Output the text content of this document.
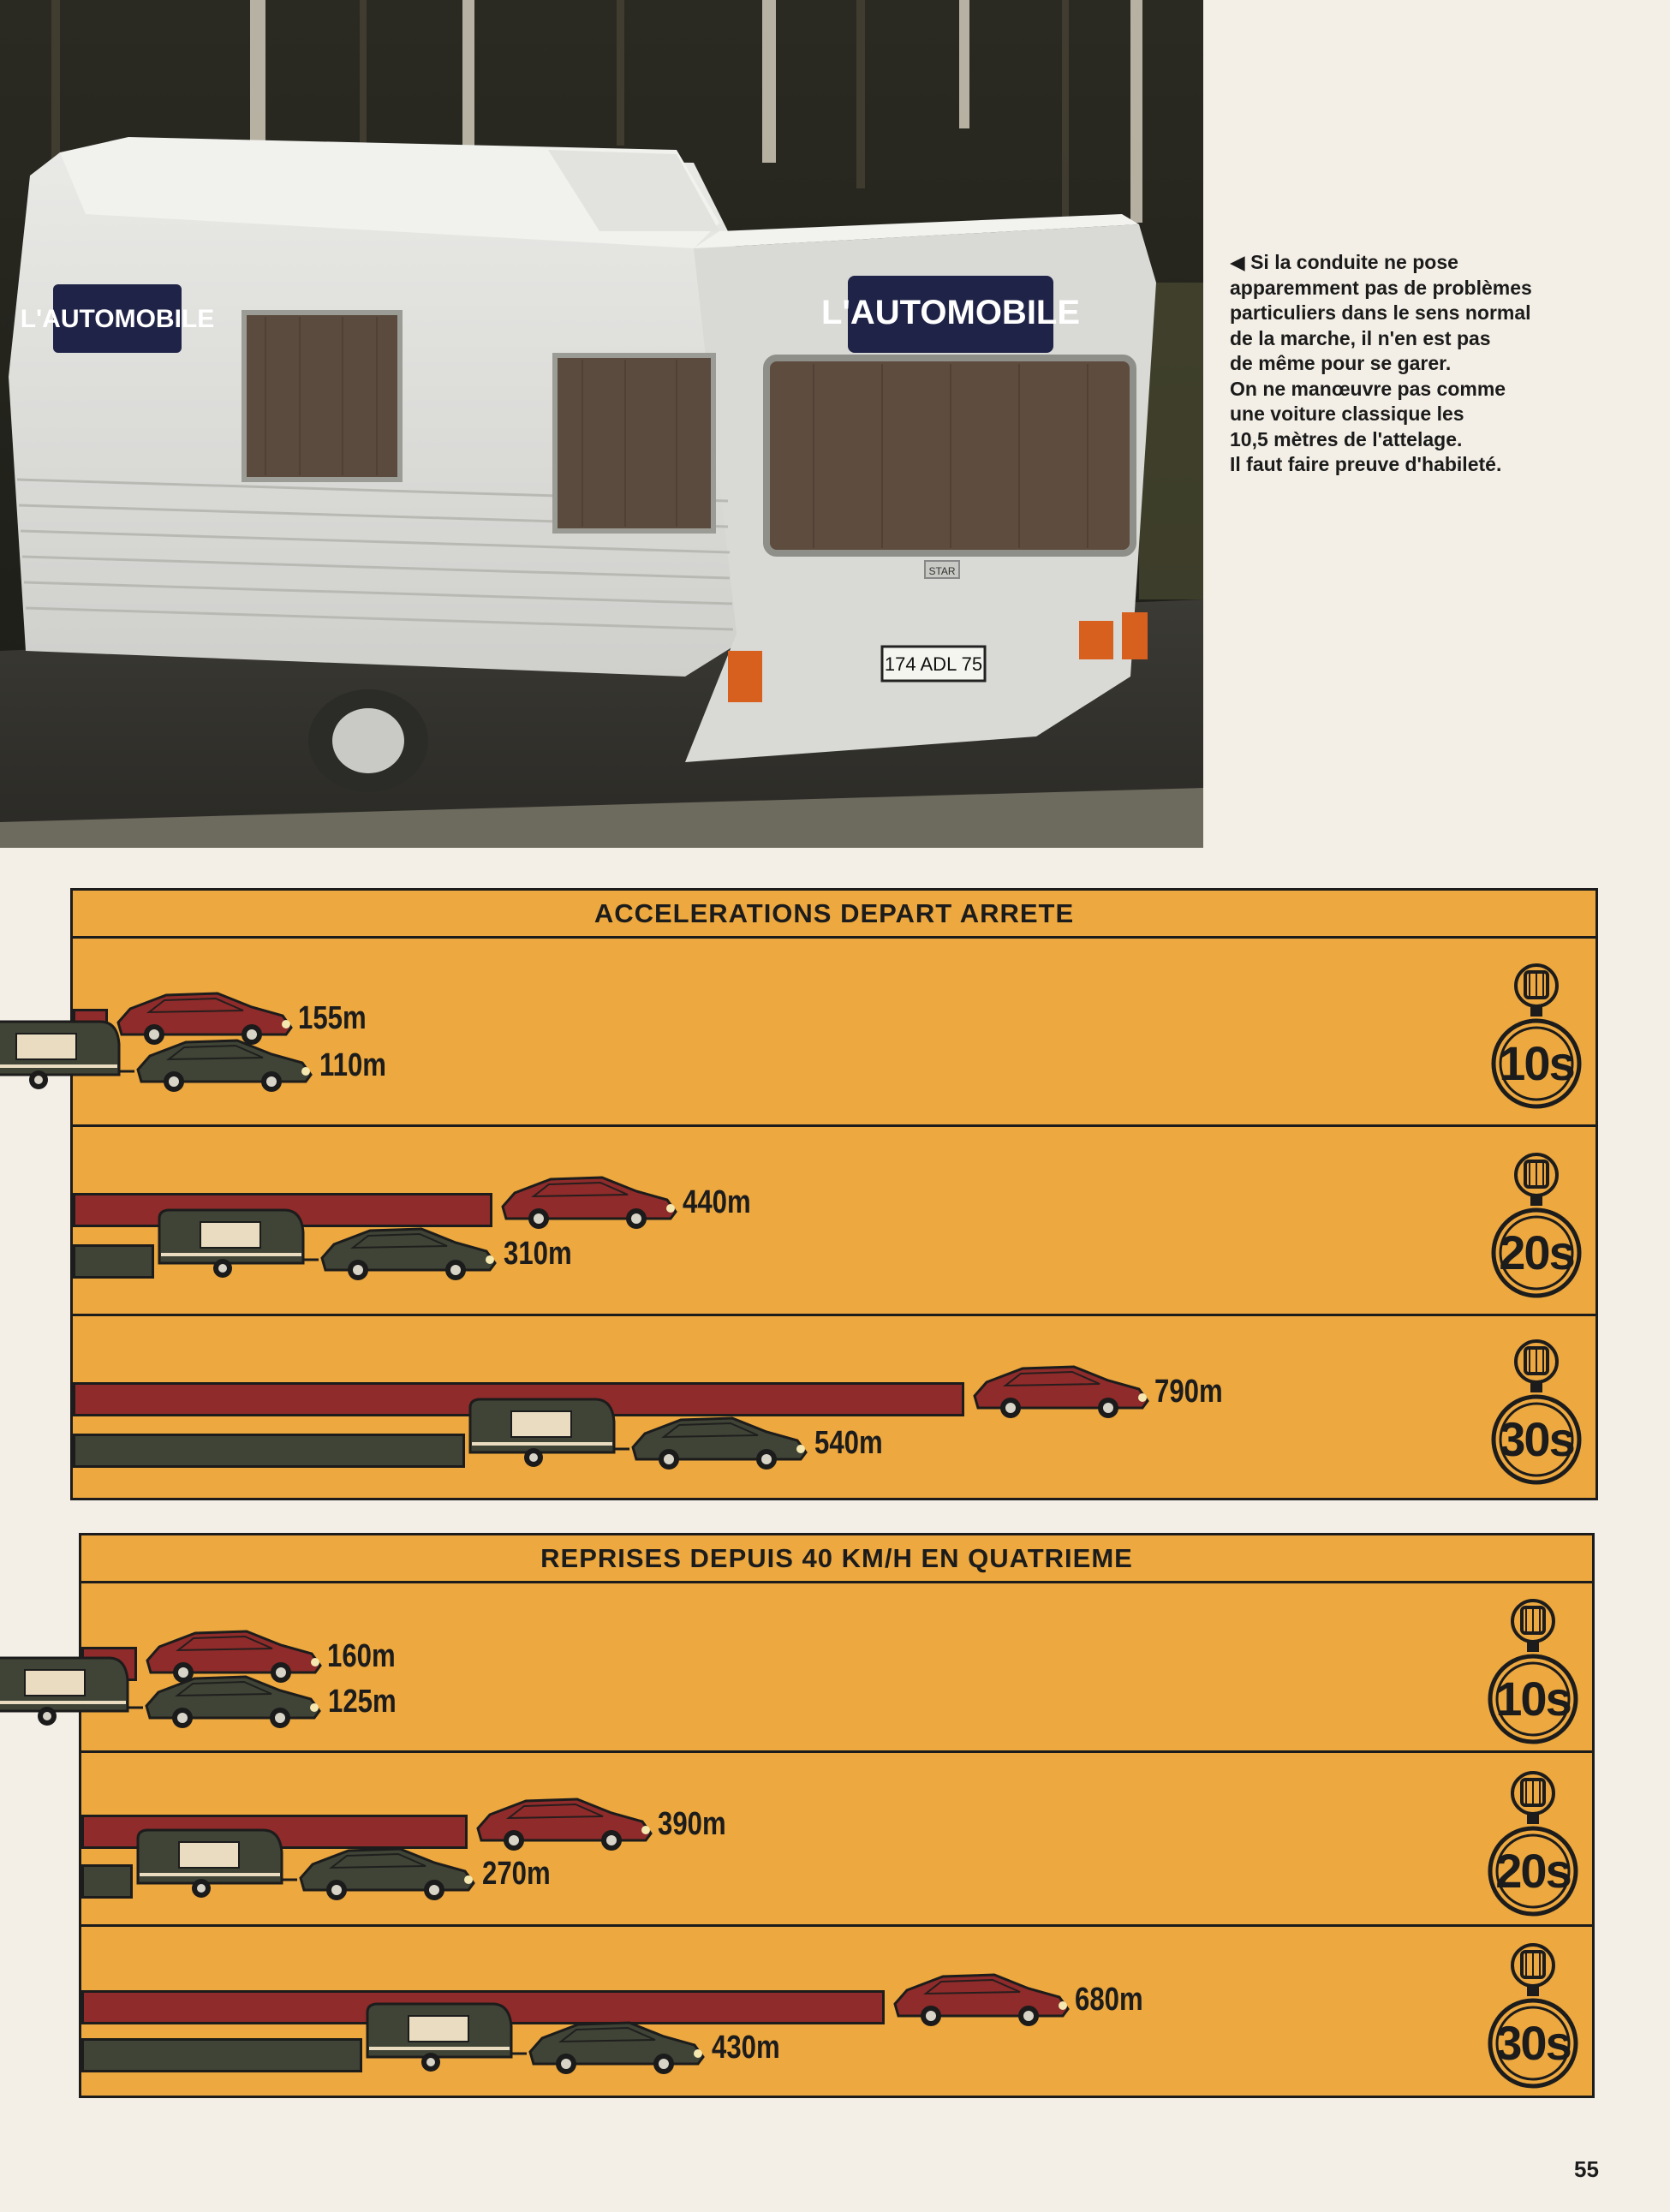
L'AUTOMOBILE	L'AUTOMOBILE
STAR
174 ADL 75
◀ Si la conduite ne pose
apparemment pas de problèmes
particuliers dans le sens normal
de la marche, il n'en est pas
de même pour se garer.
On ne manœuvre pas comme
une voiture classique les
10,5 mètres de l'attelage.
Il faut faire preuve d'habileté.
ACCELERATIONS DEPART ARRETE
155m
110m	10s
440m
310m	20s
790m
540m	30s
REPRISES DEPUIS 40 KM/H EN QUATRIEME
160m
125m	10s
390m
270m	20s
680m
430m	30s
55
